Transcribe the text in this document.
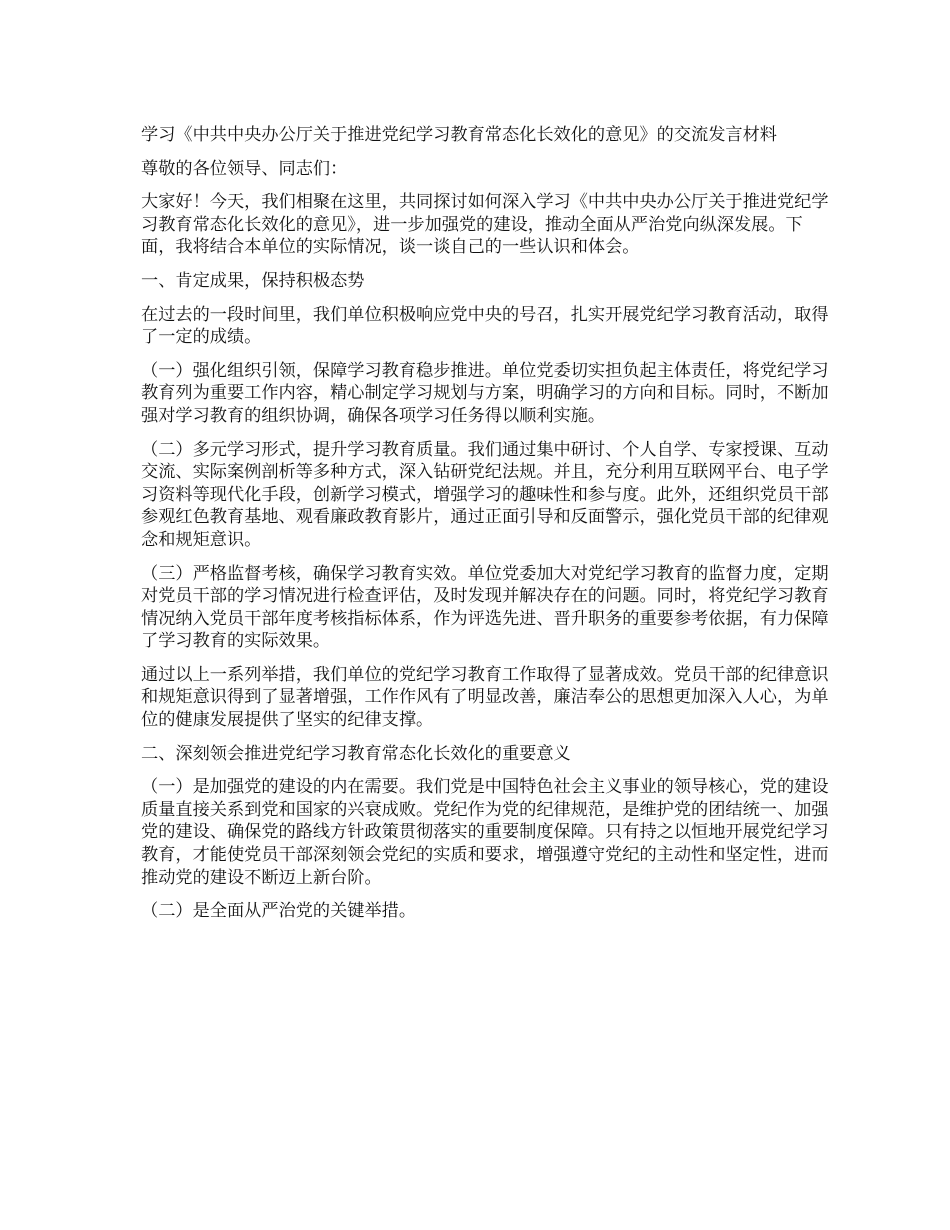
学习《中共中央办公厅关于推进党纪学习教育常态化长效化的意见》的交流发言材料

尊敬的各位领导、同志们：

大家好！今天，我们相聚在这里，共同探讨如何深入学习《中共中央办公厅关于推进党纪学习教育常态化长效化的意见》，进一步加强党的建设，推动全面从严治党向纵深发展。下面，我将结合本单位的实际情况，谈一谈自己的一些认识和体会。

一、肯定成果，保持积极态势

在过去的一段时间里，我们单位积极响应党中央的号召，扎实开展党纪学习教育活动，取得了一定的成绩。

（一）强化组织引领，保障学习教育稳步推进。单位党委切实担负起主体责任，将党纪学习教育列为重要工作内容，精心制定学习规划与方案，明确学习的方向和目标。同时，不断加强对学习教育的组织协调，确保各项学习任务得以顺利实施。

（二）多元学习形式，提升学习教育质量。我们通过集中研讨、个人自学、专家授课、互动交流、实际案例剖析等多种方式，深入钻研党纪法规。并且，充分利用互联网平台、电子学习资料等现代化手段，创新学习模式，增强学习的趣味性和参与度。此外，还组织党员干部参观红色教育基地、观看廉政教育影片，通过正面引导和反面警示，强化党员干部的纪律观念和规矩意识。

（三）严格监督考核，确保学习教育实效。单位党委加大对党纪学习教育的监督力度，定期对党员干部的学习情况进行检查评估，及时发现并解决存在的问题。同时，将党纪学习教育情况纳入党员干部年度考核指标体系，作为评选先进、晋升职务的重要参考依据，有力保障了学习教育的实际效果。

通过以上一系列举措，我们单位的党纪学习教育工作取得了显著成效。党员干部的纪律意识和规矩意识得到了显著增强，工作作风有了明显改善，廉洁奉公的思想更加深入人心，为单位的健康发展提供了坚实的纪律支撑。

二、深刻领会推进党纪学习教育常态化长效化的重要意义

（一）是加强党的建设的内在需要。我们党是中国特色社会主义事业的领导核心，党的建设质量直接关系到党和国家的兴衰成败。党纪作为党的纪律规范，是维护党的团结统一、加强党的建设、确保党的路线方针政策贯彻落实的重要制度保障。只有持之以恒地开展党纪学习教育，才能使党员干部深刻领会党纪的实质和要求，增强遵守党纪的主动性和坚定性，进而推动党的建设不断迈上新台阶。

（二）是全面从严治党的关键举措。
